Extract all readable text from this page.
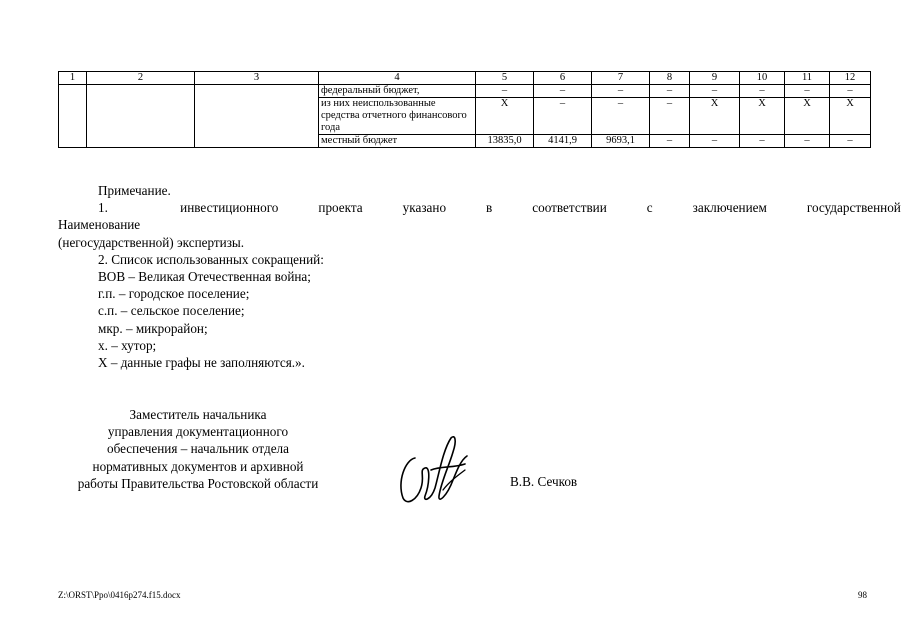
1	2	3	4	5	6	7	8	9	10	11	12
			федеральный бюджет,	–	–	–	–	–	–	–	–
			из них неиспользованные средства отчетного финансового года	Х	–	–	–	Х	Х	Х	Х
			местный бюджет	13835,0	4141,9	9693,1	–	–	–	–	–

Примечание.

1. Наименование
инвестиционного	проекта	указано	в	соответствии	с	заключением	государственной

(негосударственной) экспертизы.

2. Список использованных сокращений:

ВОВ – Великая Отечественная война;

г.п. – городское поселение;

с.п. – сельское поселение;

мкр. – микрорайон;

х. – хутор;

Х – данные графы не заполняются.».

Заместитель начальника
управления документационного
обеспечения – начальник отдела
нормативных документов и архивной
работы Правительства Ростовской области	В.В. Сечков
Z:\ORST\Ppo\0416p274.f15.docx	98
